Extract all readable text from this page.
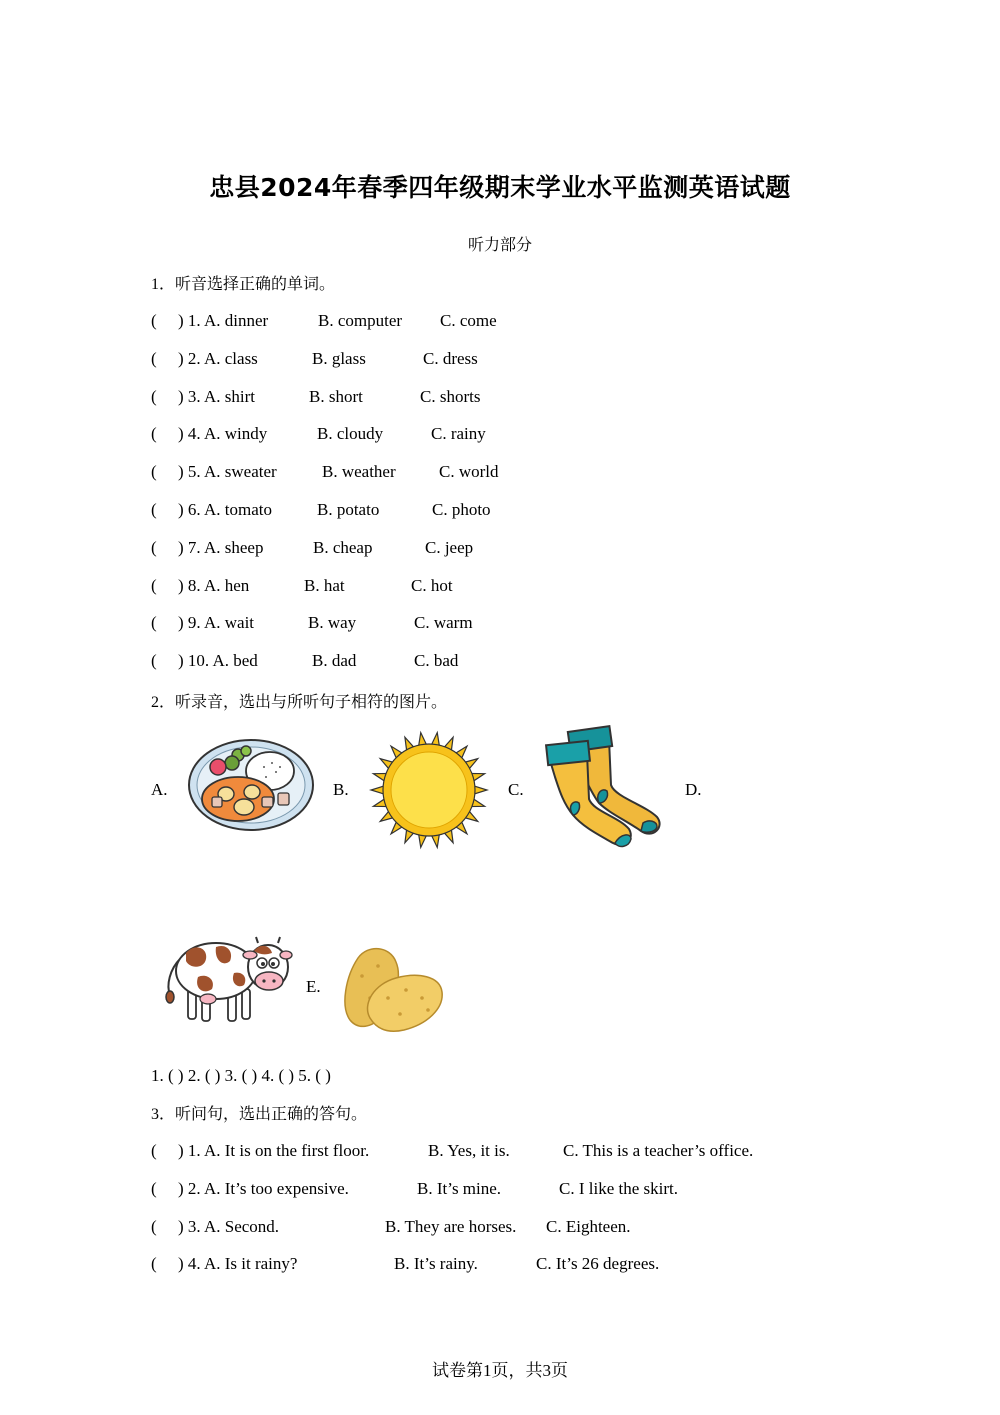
忠县2024年春季四年级期末学业水平监测英语试题
听力部分
1．听音选择正确的单词。
( ) 1. A. dinner	B. computer C. come
( ) 2. A. class	B. glass	C. dress
( ) 3. A. shirt	B. short	C. shorts
( ) 4. A. windy	B. cloudy	C. rainy
( ) 5. A. sweater	B. weather	C. world
( ) 6. A. tomato	B. potato	C. photo
( ) 7. A. sheep	B. cheap	C. jeep
( ) 8. A. hen	B. hat	C. hot
( ) 9. A. wait	B. way	C. warm
( ) 10. A. bed	B. dad	C. bad
2．听录音，选出与所听句子相符的图片。
A.	B.	C.	D.
E.
1. ( ) 2. ( ) 3. ( ) 4. ( ) 5. ( )
3．听问句，选出正确的答句。
( ) 1. A. It is on the first floor.	B. Yes, it is.	C. This is a teacher’s office.
( ) 2. A. It’s too expensive.	B. It’s mine.	C. I like the skirt.
( ) 3. A. Second.	B. They are horses. C. Eighteen.
( ) 4. A. Is it rainy?	B. It’s rainy.	C. It’s 26 degrees.
试卷第1页，共3页
